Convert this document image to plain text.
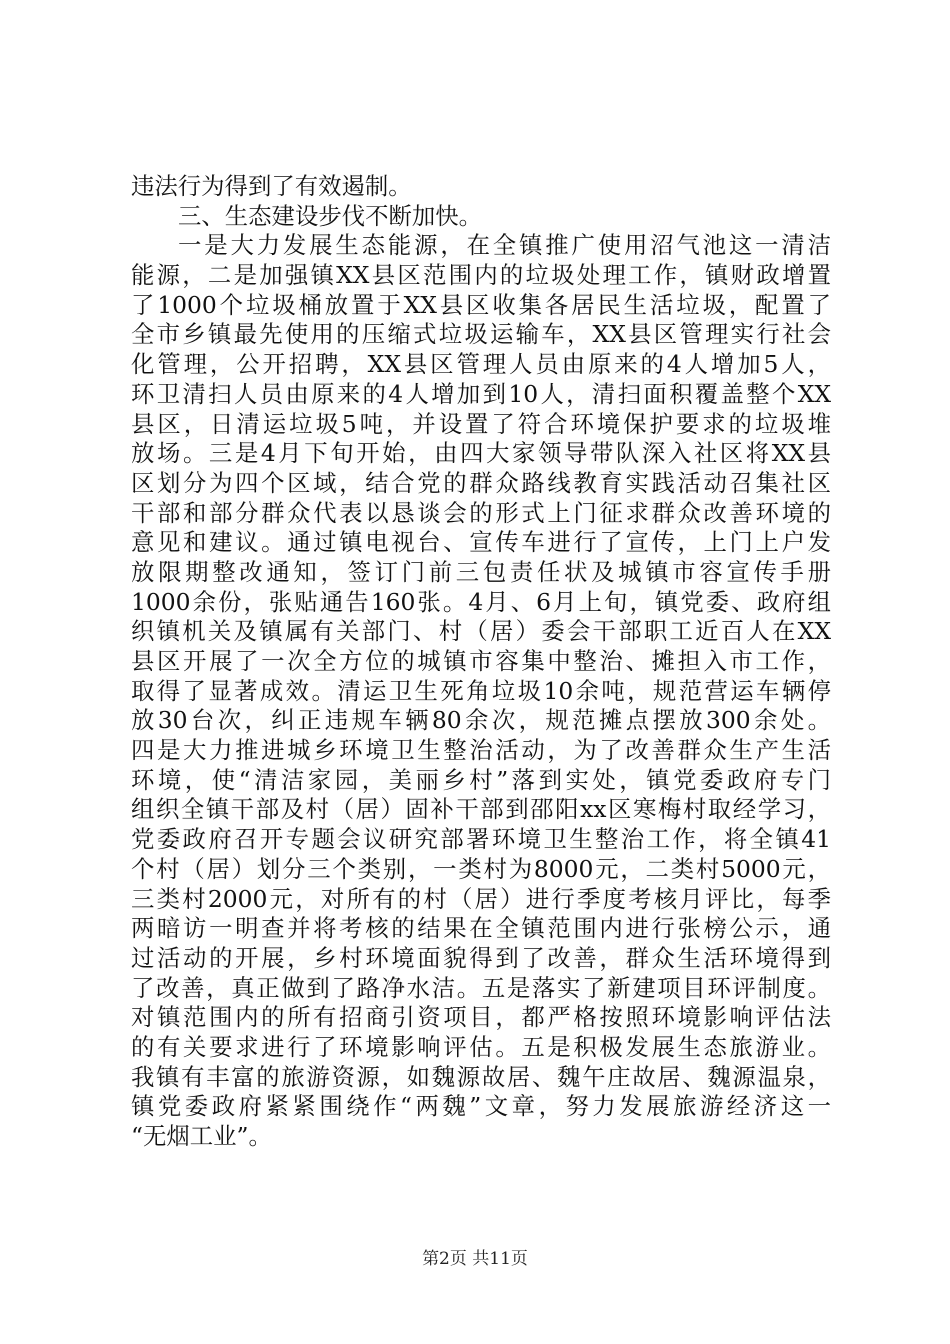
违法行为得到了有效遏制。
三、生态建设步伐不断加快。
一是大力发展生态能源，在全镇推广使用沼气池这一清洁
能源，二是加强镇XX县区范围内的垃圾处理工作，镇财政增置
了1000个垃圾桶放置于XX县区收集各居民生活垃圾，配置了
全市乡镇最先使用的压缩式垃圾运输车，XX县区管理实行社会
化管理，公开招聘，XX县区管理人员由原来的4人增加5人，
环卫清扫人员由原来的4人增加到10人，清扫面积覆盖整个XX
县区，日清运垃圾5吨，并设置了符合环境保护要求的垃圾堆
放场。三是4月下旬开始，由四大家领导带队深入社区将XX县
区划分为四个区域，结合党的群众路线教育实践活动召集社区
干部和部分群众代表以恳谈会的形式上门征求群众改善环境的
意见和建议。通过镇电视台、宣传车进行了宣传，上门上户发
放限期整改通知，签订门前三包责任状及城镇市容宣传手册
1000余份，张贴通告160张。4月、6月上旬，镇党委、政府组
织镇机关及镇属有关部门、村（居）委会干部职工近百人在XX
县区开展了一次全方位的城镇市容集中整治、摊担入市工作，
取得了显著成效。清运卫生死角垃圾10余吨，规范营运车辆停
放30台次，纠正违规车辆80余次，规范摊点摆放300余处。
四是大力推进城乡环境卫生整治活动，为了改善群众生产生活
环境，使“清洁家园，美丽乡村”落到实处，镇党委政府专门
组织全镇干部及村（居）固补干部到邵阳xx区寒梅村取经学习，
党委政府召开专题会议研究部署环境卫生整治工作，将全镇41
个村（居）划分三个类别，一类村为8000元，二类村5000元，
三类村2000元，对所有的村（居）进行季度考核月评比，每季
两暗访一明查并将考核的结果在全镇范围内进行张榜公示，通
过活动的开展，乡村环境面貌得到了改善，群众生活环境得到
了改善，真正做到了路净水洁。五是落实了新建项目环评制度。
对镇范围内的所有招商引资项目，都严格按照环境影响评估法
的有关要求进行了环境影响评估。五是积极发展生态旅游业。
我镇有丰富的旅游资源，如魏源故居、魏午庄故居、魏源温泉，
镇党委政府紧紧围绕作“两魏”文章，努力发展旅游经济这一
“无烟工业”。
第2页 共11页
